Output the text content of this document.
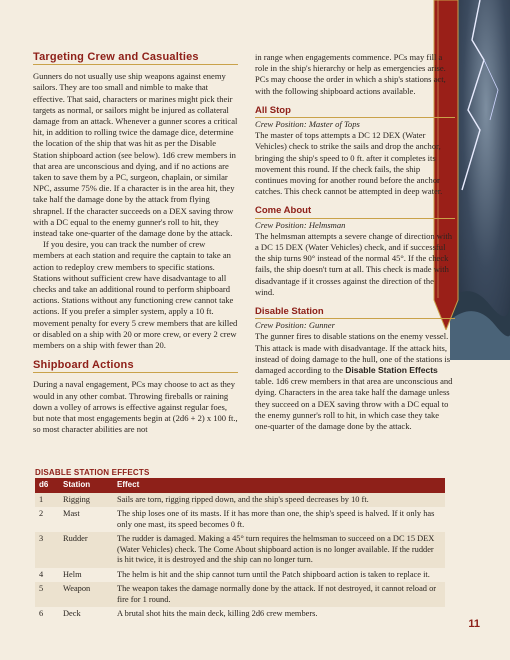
Targeting Crew and Casualties

Gunners do not usually use ship weapons against enemy sailors. They are too small and nimble to make that effective. That said, characters or marines might pick their targets as normal, or sailors might be injured as collateral damage from an attack. Whenever a gunner scores a critical hit, in addition to rolling twice the damage dice, determine the location of the ship that was hit as per the Disable Station shipboard action (see below). 1d6 crew members in that area are unconscious and dying, and if no actions are taken to save them by a PC, surgeon, chaplain, or similar NPC, assume 75% die. If a character is in the area hit, they take half the damage done by the attack from flying shrapnel. If the character succeeds on a DEX saving throw with a DC equal to the enemy gunner's roll to hit, they instead take one-quarter of the damage done by the attack.

If you desire, you can track the number of crew members at each station and require the captain to take an action to redeploy crew members to specific stations. Stations without sufficient crew have disadvantage to all checks and take an additional round to perform shipboard actions. Stations without any functioning crew cannot take actions. If you prefer a simpler system, apply a 10 ft. movement penalty for every 5 crew members that are killed or disabled on a ship with 20 or more crew, or every 2 crew members on a ship with fewer than 20.

Shipboard Actions

During a naval engagement, PCs may choose to act as they would in any other combat. Throwing fireballs or raining down a volley of arrows is effective against regular foes, but note that most engagements begin at (2d6 + 2) x 100 ft., so most character abilities are not

in range when engagements commence. PCs may fill a role in the ship's hierarchy or help as emergencies arise. PCs may choose the order in which a ship's stations act, with the following shipboard actions available.

All Stop

Crew Position: Master of Tops

The master of tops attempts a DC 12 DEX (Water Vehicles) check to strike the sails and drop the anchor, bringing the ship's speed to 0 ft. after it completes its movement this round. If the check fails, the ship continues moving for another round before the anchor catches. This check cannot be attempted in deep water.

Come About

Crew Position: Helmsman

The helmsman attempts a severe change of direction with a DC 15 DEX (Water Vehicles) check, and if successful the ship turns 90° instead of the normal 45°. If the check fails, the ship doesn't turn at all. This check is made with disadvantage if it crosses against the direction of the wind.

Disable Station

Crew Position: Gunner

The gunner fires to disable stations on the enemy vessel. This attack is made with disadvantage. If the attack hits, instead of doing damage to the hull, one of the stations is damaged according to the Disable Station Effects table. 1d6 crew members in that area are unconscious and dying. Characters in the area take half the damage unless they succeed on a DEX saving throw with a DC equal to the enemy gunner's roll to hit, in which case they take one-quarter of the damage done by the attack.

DISABLE STATION EFFECTS
d6	Station	Effect
1	Rigging	Sails are torn, rigging ripped down, and the ship's speed decreases by 10 ft.
2	Mast	The ship loses one of its masts. If it has more than one, the ship's speed is halved. If it only has only one mast, its speed becomes 0 ft.
3	Rudder	The rudder is damaged. Making a 45° turn requires the helmsman to succeed on a DC 15 DEX (Water Vehicles) check. The Come About shipboard action is no longer available. If the rudder is hit twice, it is destroyed and the ship can no longer turn.
4	Helm	The helm is hit and the ship cannot turn until the Patch shipboard action is taken to replace it.
5	Weapon	The weapon takes the damage normally done by the attack. If not destroyed, it cannot reload or fire for 1 round.
6	Deck	A brutal shot hits the main deck, killing 2d6 crew members.
11
